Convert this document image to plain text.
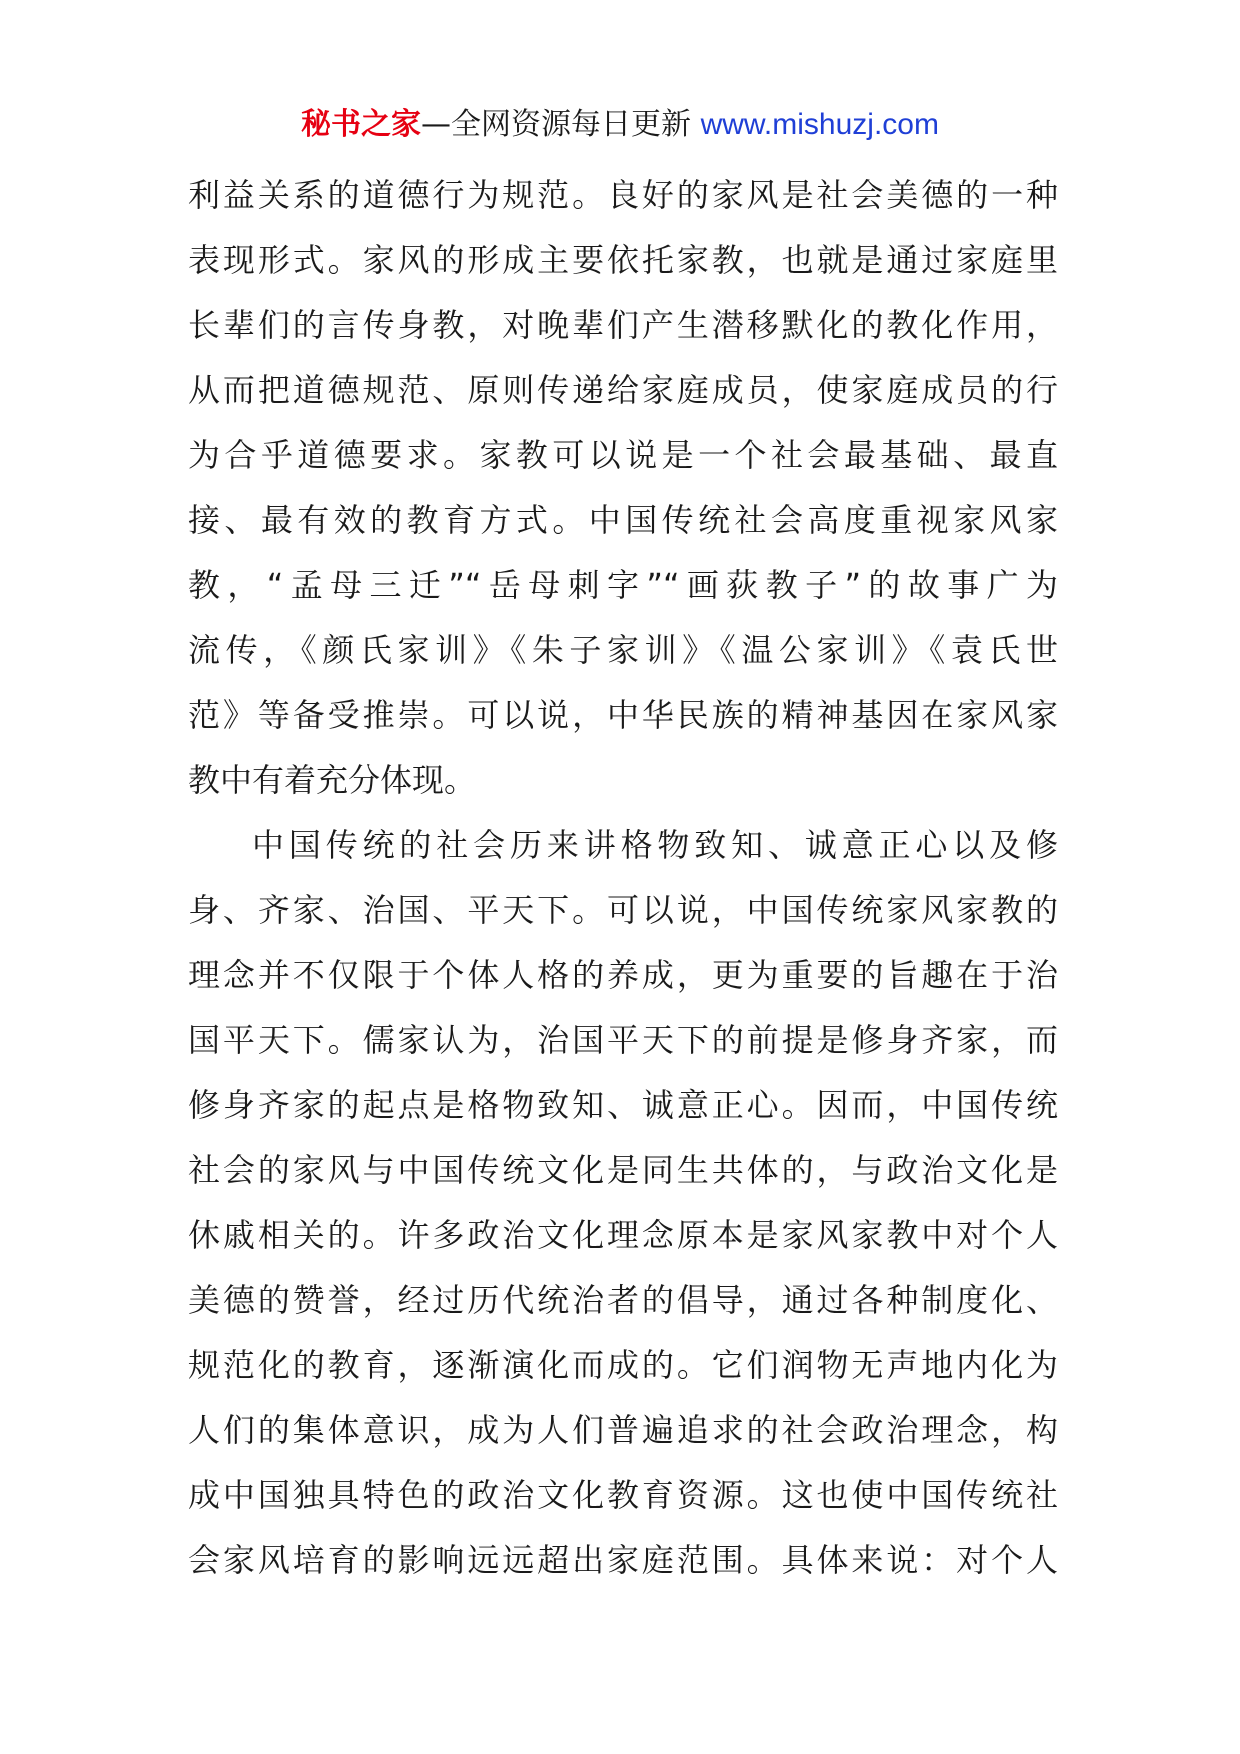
秘书之家—全网资源每日更新 www.mishuzj.com
利益关系的道德行为规范。良好的家风是社会美德的一种
表现形式。家风的形成主要依托家教，也就是通过家庭里
长辈们的言传身教，对晚辈们产生潜移默化的教化作用，
从而把道德规范、原则传递给家庭成员，使家庭成员的行
为合乎道德要求。家教可以说是一个社会最基础、最直
接、最有效的教育方式。中国传统社会高度重视家风家
教，“孟母三迁”“岳母刺字”“画荻教子”的故事广为
流传，《颜氏家训》《朱子家训》《温公家训》《袁氏世
范》等备受推崇。可以说，中华民族的精神基因在家风家
教中有着充分体现。
中国传统的社会历来讲格物致知、诚意正心以及修
身、齐家、治国、平天下。可以说，中国传统家风家教的
理念并不仅限于个体人格的养成，更为重要的旨趣在于治
国平天下。儒家认为，治国平天下的前提是修身齐家，而
修身齐家的起点是格物致知、诚意正心。因而，中国传统
社会的家风与中国传统文化是同生共体的，与政治文化是
休戚相关的。许多政治文化理念原本是家风家教中对个人
美德的赞誉，经过历代统治者的倡导，通过各种制度化、
规范化的教育，逐渐演化而成的。它们润物无声地内化为
人们的集体意识，成为人们普遍追求的社会政治理念，构
成中国独具特色的政治文化教育资源。这也使中国传统社
会家风培育的影响远远超出家庭范围。具体来说：对个人
